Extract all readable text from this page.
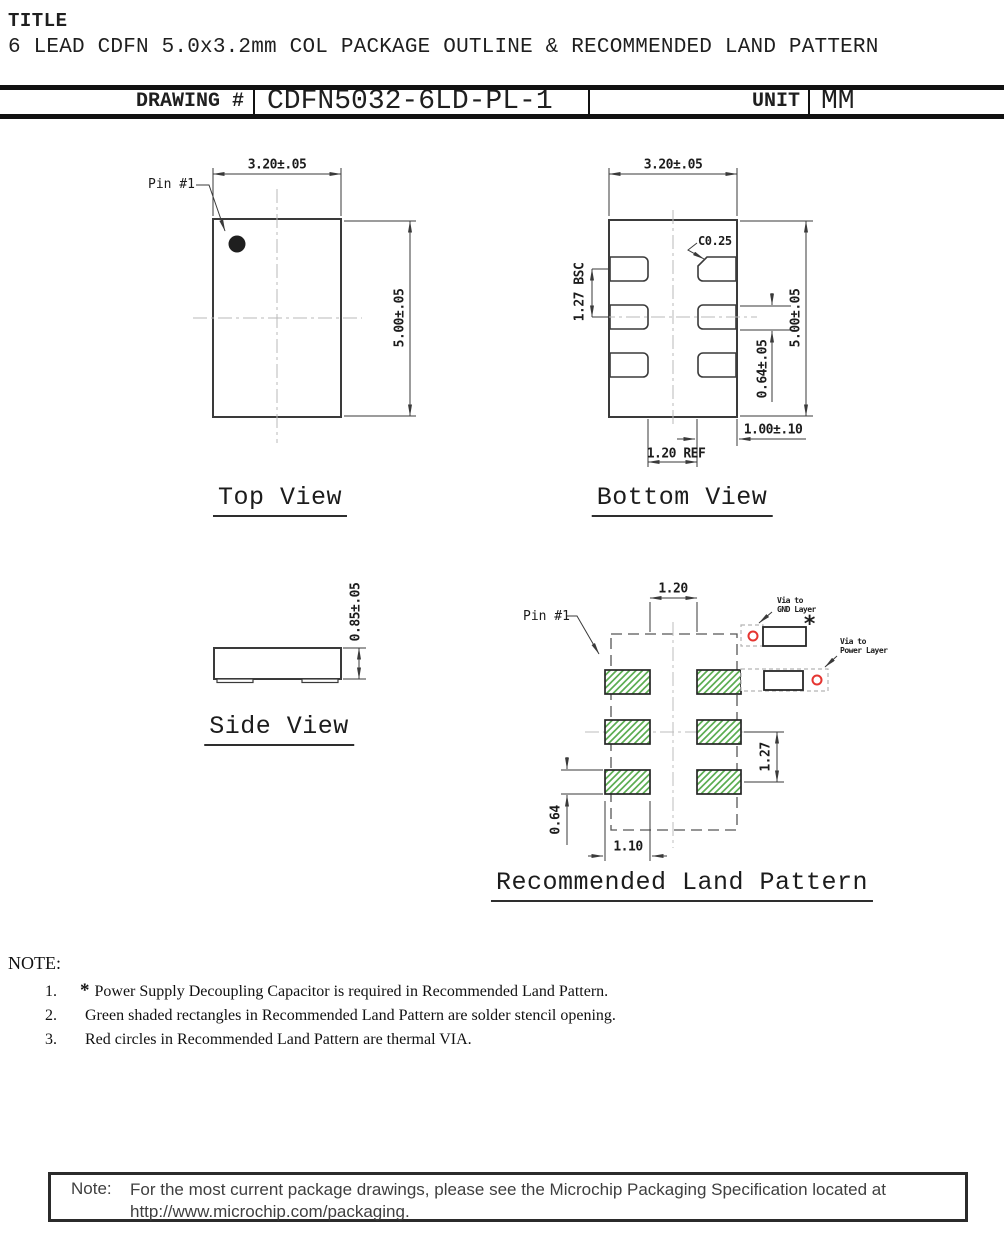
TITLE
6 LEAD CDFN 5.0x3.2mm COL PACKAGE OUTLINE & RECOMMENDED LAND PATTERN
DRAWING # CDFN5032-6LD-PL-1	UNIT MM
3.20±.05
5.00±.05
Pin #1
Top View
3.20±.05
5.00±.05
C0.25
1.27 BSC
0.64±.05
1.00±.10
1.20 REF
Bottom View
0.85±.05
Side View
1.20
Pin #1
1.27
0.64
1.10
*
Via to
GND Layer
Via to
Power Layer
Recommended Land Pattern
NOTE:
1.	* Power Supply Decoupling Capacitor is required in Recommended Land Pattern.
2.	Green shaded rectangles in Recommended Land Pattern are solder stencil opening.
3.	Red circles in Recommended Land Pattern are thermal VIA.
Note:	For the most current package drawings, please see the Microchip Packaging Specification located at
http://www.microchip.com/packaging.
